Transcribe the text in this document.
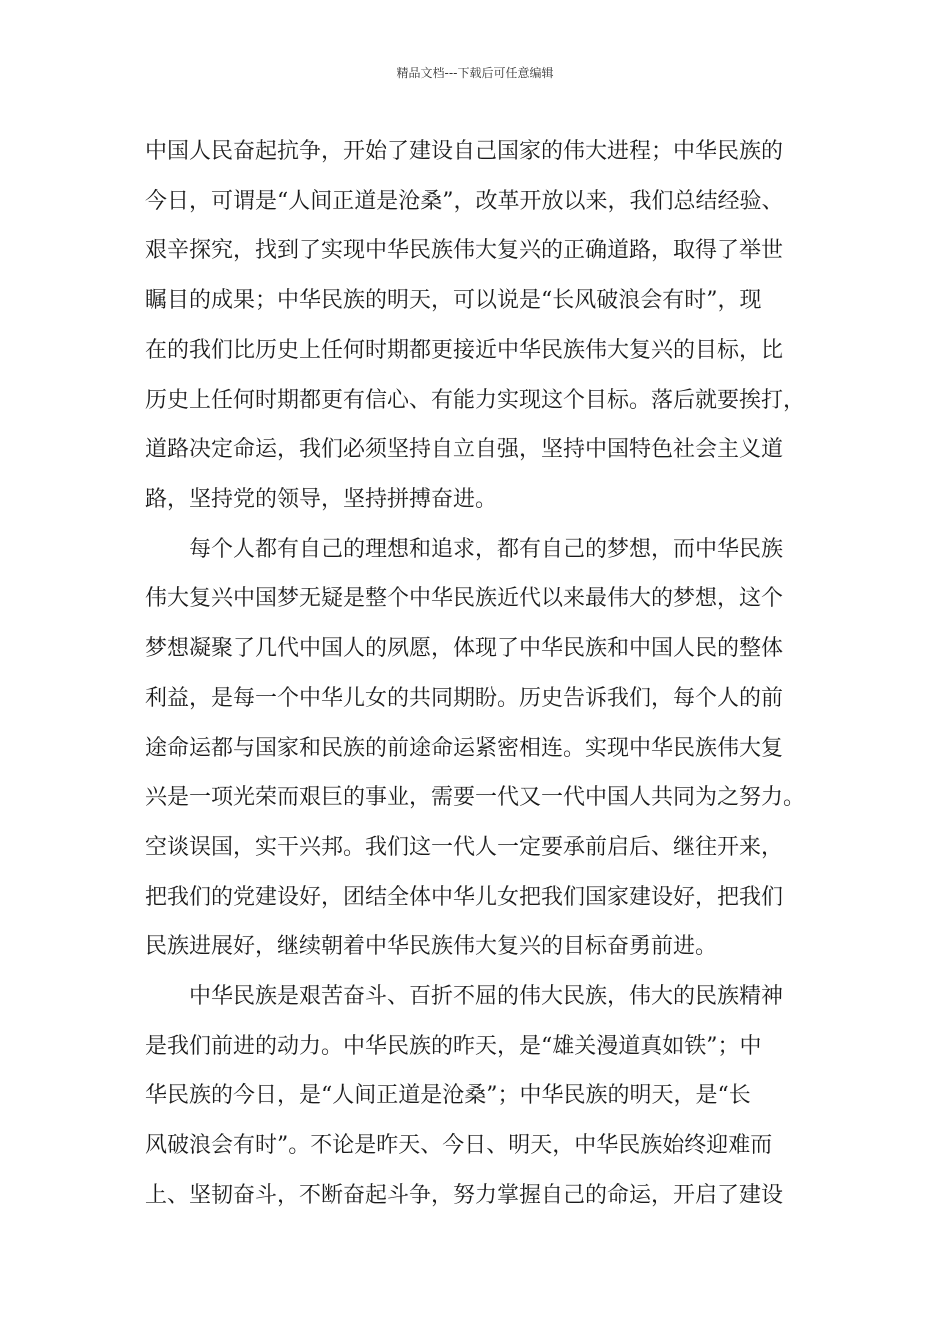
精品文档---下载后可任意编辑
中国人民奋起抗争，开始了建设自己国家的伟大进程；中华民族的
今日，可谓是“人间正道是沧桑”，改革开放以来，我们总结经验、
艰辛探究，找到了实现中华民族伟大复兴的正确道路，取得了举世
瞩目的成果；中华民族的明天，可以说是“长风破浪会有时”，现
在的我们比历史上任何时期都更接近中华民族伟大复兴的目标，比
历史上任何时期都更有信心、有能力实现这个目标。落后就要挨打，
道路决定命运，我们必须坚持自立自强，坚持中国特色社会主义道
路，坚持党的领导，坚持拼搏奋进。
每个人都有自己的理想和追求，都有自己的梦想，而中华民族
伟大复兴中国梦无疑是整个中华民族近代以来最伟大的梦想，这个
梦想凝聚了几代中国人的夙愿，体现了中华民族和中国人民的整体
利益，是每一个中华儿女的共同期盼。历史告诉我们，每个人的前
途命运都与国家和民族的前途命运紧密相连。实现中华民族伟大复
兴是一项光荣而艰巨的事业，需要一代又一代中国人共同为之努力。
空谈误国，实干兴邦。我们这一代人一定要承前启后、继往开来，
把我们的党建设好，团结全体中华儿女把我们国家建设好，把我们
民族进展好，继续朝着中华民族伟大复兴的目标奋勇前进。
中华民族是艰苦奋斗、百折不屈的伟大民族，伟大的民族精神
是我们前进的动力。中华民族的昨天，是“雄关漫道真如铁”；中
华民族的今日，是“人间正道是沧桑”；中华民族的明天，是“长
风破浪会有时”。不论是昨天、今日、明天，中华民族始终迎难而
上、坚韧奋斗，不断奋起斗争，努力掌握自己的命运，开启了建设
